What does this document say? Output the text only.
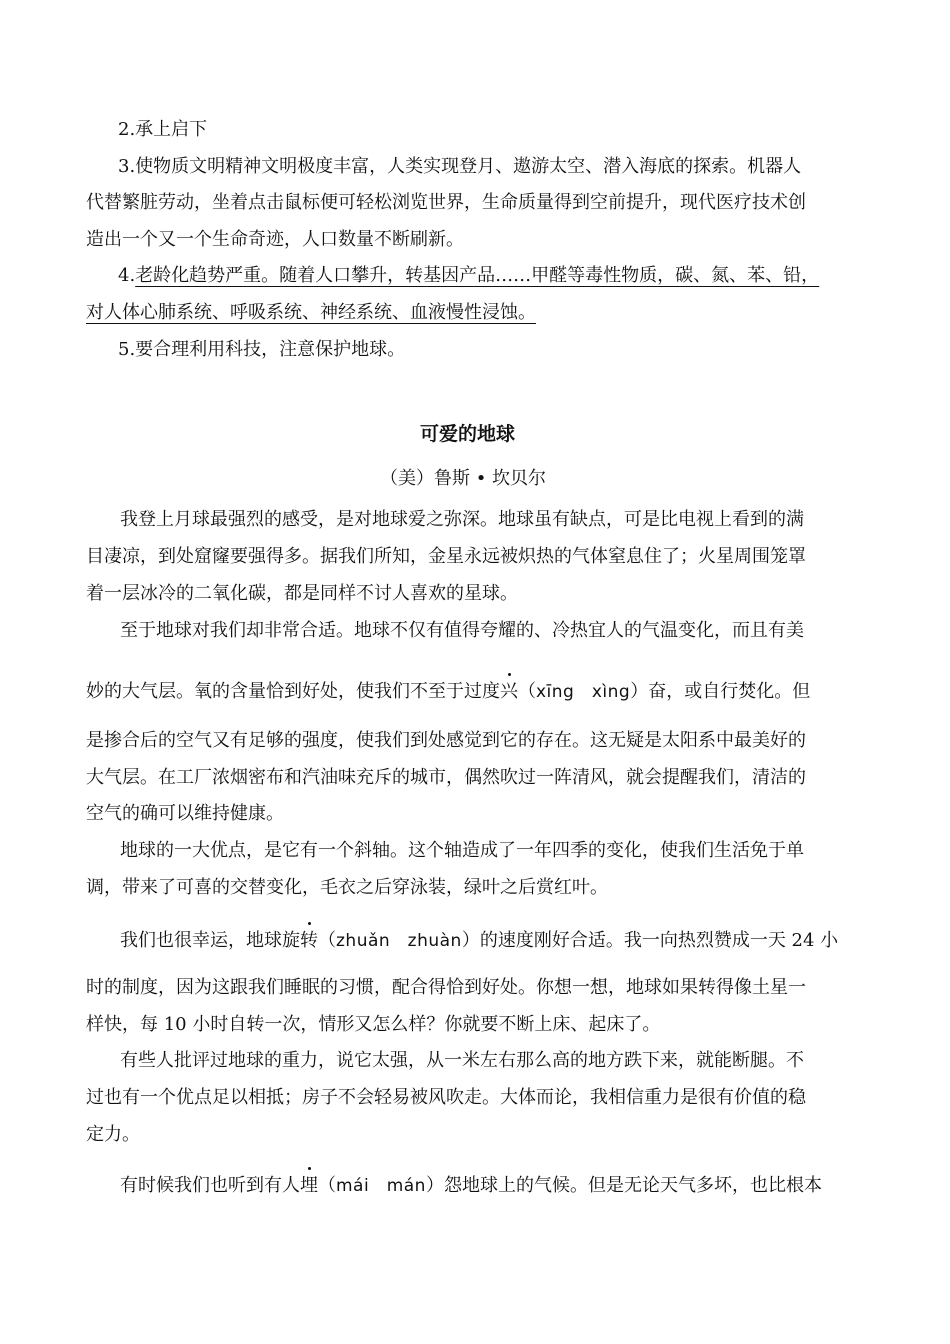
2.承上启下
3.使物质文明精神文明极度丰富，人类实现登月、遨游太空、潜入海底的探索。机器人
代替繁脏劳动，坐着点击鼠标便可轻松浏览世界，生命质量得到空前提升，现代医疗技术创
造出一个又一个生命奇迹，人口数量不断刷新。
4.老龄化趋势严重。随着人口攀升，转基因产品……甲醛等毒性物质，碳、氮、苯、铅，
对人体心肺系统、呼吸系统、神经系统、血液慢性浸蚀。
5.要合理利用科技，注意保护地球。
可爱的地球
（美）鲁斯 • 坎贝尔
我登上月球最强烈的感受，是对地球爱之弥深。地球虽有缺点，可是比电视上看到的满
目凄凉，到处窟窿要强得多。据我们所知，金星永远被炽热的气体窒息住了；火星周围笼罩
着一层冰冷的二氧化碳，都是同样不讨人喜欢的星球。
至于地球对我们却非常合适。地球不仅有值得夸耀的、冷热宜人的气温变化，而且有美
妙的大气层。氧的含量恰到好处，使我们不至于过度兴（xīng　xìng）奋，或自行焚化。但
是掺合后的空气又有足够的强度，使我们到处感觉到它的存在。这无疑是太阳系中最美好的
大气层。在工厂浓烟密布和汽油味充斥的城市，偶然吹过一阵清风，就会提醒我们，清洁的
空气的确可以维持健康。
地球的一大优点，是它有一个斜轴。这个轴造成了一年四季的变化，使我们生活免于单
调，带来了可喜的交替变化，毛衣之后穿泳装，绿叶之后赏红叶。
我们也很幸运，地球旋转（zhuǎn　zhuàn）的速度刚好合适。我一向热烈赞成一天 24 小
时的制度，因为这跟我们睡眠的习惯，配合得恰到好处。你想一想，地球如果转得像土星一
样快，每 10 小时自转一次，情形又怎么样？你就要不断上床、起床了。
有些人批评过地球的重力，说它太强，从一米左右那么高的地方跌下来，就能断腿。不
过也有一个优点足以相抵；房子不会轻易被风吹走。大体而论，我相信重力是很有价值的稳
定力。
有时候我们也听到有人埋（mái　mán）怨地球上的气候。但是无论天气多坏，也比根本
